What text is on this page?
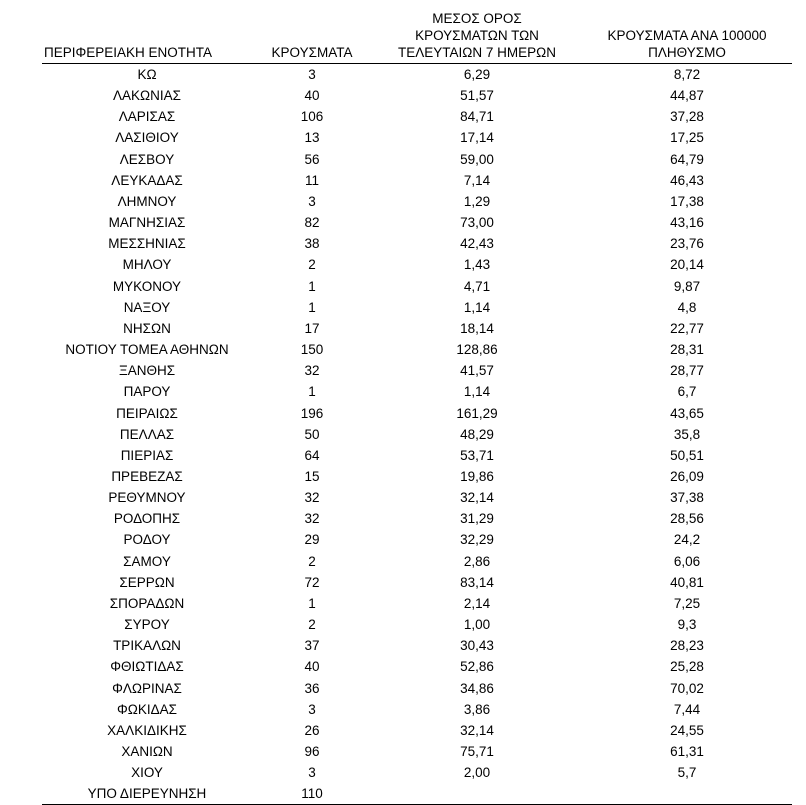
ΠΕΡΙΦΕΡΕΙΑΚΗ ΕΝΟΤΗΤΑ	ΚΡΟΥΣΜΑΤΑ	ΜΕΣΟΣ ΟΡΟΣ
ΚΡΟΥΣΜΑΤΩΝ ΤΩΝ
ΤΕΛΕΥΤΑΙΩΝ 7 ΗΜΕΡΩΝ	ΚΡΟΥΣΜΑΤΑ ΑΝΑ 100000
ΠΛΗΘΥΣΜΟ

ΚΩ	3	6,29	8,72
ΛΑΚΩΝΙΑΣ	40	51,57	44,87
ΛΑΡΙΣΑΣ	106	84,71	37,28
ΛΑΣΙΘΙΟΥ	13	17,14	17,25
ΛΕΣΒΟΥ	56	59,00	64,79
ΛΕΥΚΑΔΑΣ	11	7,14	46,43
ΛΗΜΝΟΥ	3	1,29	17,38
ΜΑΓΝΗΣΙΑΣ	82	73,00	43,16
ΜΕΣΣΗΝΙΑΣ	38	42,43	23,76
ΜΗΛΟΥ	2	1,43	20,14
ΜΥΚΟΝΟΥ	1	4,71	9,87
ΝΑΞΟΥ	1	1,14	4,8
ΝΗΣΩΝ	17	18,14	22,77
ΝΟΤΙΟΥ ΤΟΜΕΑ ΑΘΗΝΩΝ	150	128,86	28,31
ΞΑΝΘΗΣ	32	41,57	28,77
ΠΑΡΟΥ	1	1,14	6,7
ΠΕΙΡΑΙΩΣ	196	161,29	43,65
ΠΕΛΛΑΣ	50	48,29	35,8
ΠΙΕΡΙΑΣ	64	53,71	50,51
ΠΡΕΒΕΖΑΣ	15	19,86	26,09
ΡΕΘΥΜΝΟΥ	32	32,14	37,38
ΡΟΔΟΠΗΣ	32	31,29	28,56
ΡΟΔΟΥ	29	32,29	24,2
ΣΑΜΟΥ	2	2,86	6,06
ΣΕΡΡΩΝ	72	83,14	40,81
ΣΠΟΡΑΔΩΝ	1	2,14	7,25
ΣΥΡΟΥ	2	1,00	9,3
ΤΡΙΚΑΛΩΝ	37	30,43	28,23
ΦΘΙΩΤΙΔΑΣ	40	52,86	25,28
ΦΛΩΡΙΝΑΣ	36	34,86	70,02
ΦΩΚΙΔΑΣ	3	3,86	7,44
ΧΑΛΚΙΔΙΚΗΣ	26	32,14	24,55
ΧΑΝΙΩΝ	96	75,71	61,31
ΧΙΟΥ	3	2,00	5,7
ΥΠΟ ΔΙΕΡΕΥΝΗΣΗ	110		
